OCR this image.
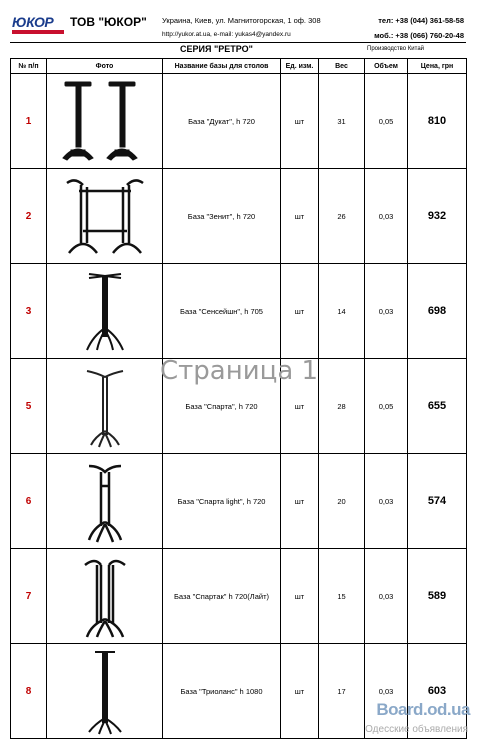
ЮКОР ТОВ "ЮКОР" Украина, Киев, ул. Магнитогорская, 1 оф. 308
http://yukor.at.ua, e-mail: yukas4@yandex.ru
тел: +38 (044) 361-58-58
моб.: +38 (066) 760-20-48
СЕРИЯ "РЕТРО"	Производство Китай
№ п/п	Фото	Название базы для столов	Ед. изм.	Вес	Объем	Цена, грн
1		База "Дукат", h 720	шт	31	0,05	810
2		База "Зенит", h 720	шт	26	0,03	932
3		База "Сенсейшн", h 705	шт	14	0,03	698
5		База "Спарта", h 720	шт	28	0,05	655
6		База "Спарта light", h 720	шт	20	0,03	574
7		База "Спартак" h 720(Лайт)	шт	15	0,03	589
8		База "Триоланс" h 1080	шт	17	0,03	603
Страница 1
Board.od.ua
Одесские объявления
